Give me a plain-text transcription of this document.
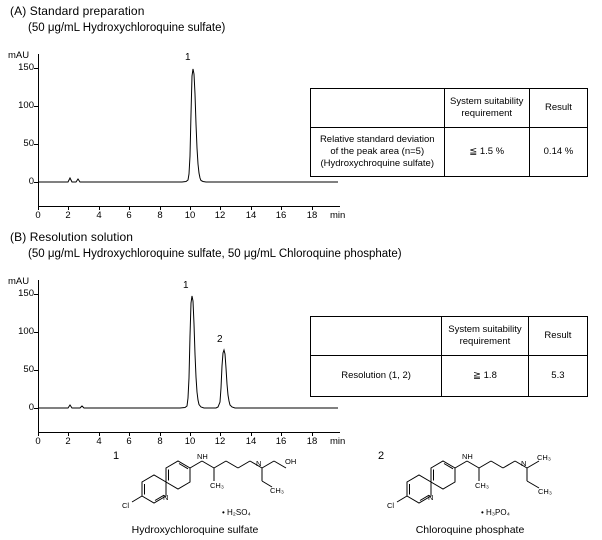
(A) Standard preparation
(50 μg/mL Hydroxychloroquine sulfate)
mAU
150
100
50
0
0	2	4	6	8	10	12	14	16	18	min
1

	System suitability
requirement	Result

Relative standard deviation
of the peak area (n=5)
(Hydroxychroquine sulfate)	≦ 1.5 %	0.14 %
(B) Resolution solution
(50 μg/mL Hydroxychloroquine sulfate, 50 μg/mL Chloroquine phosphate)
mAU
150
100
50
0
0	2	4	6	8	10	12	14	16	18	min
1
2

	System suitability
requirement	Result
Resolution (1, 2)	≧ 1.8	5.3
1	NH
N	OH
N
CH₃
CH₃
Cl
• H₂SO₄
Hydroxychloroquine sulfate
2	NH
N
CH₃
N
CH₃
CH₃
Cl
• H₃PO₄
Chloroquine phosphate
